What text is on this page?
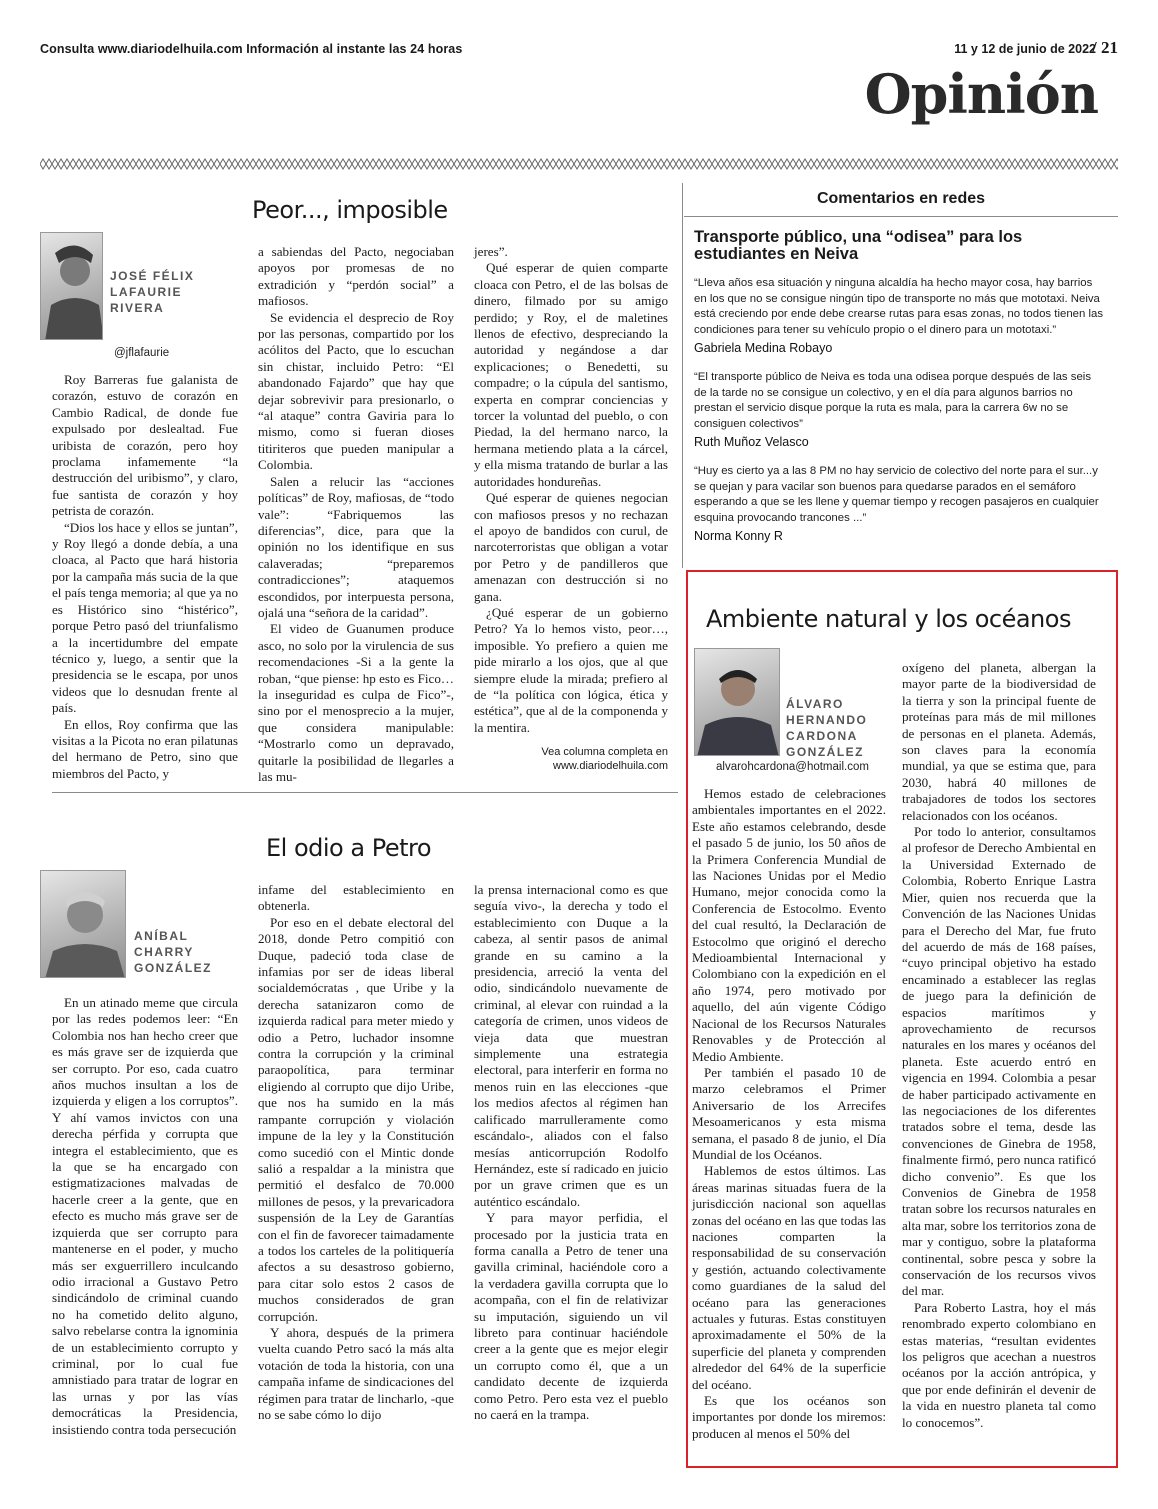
Consulta www.diariodelhuila.com Información al instante las 24 horas	11 y 12 de junio de 2022
/ 21
Opinión
Peor..., imposible
JOSÉ FÉLIX
LAFAURIE
RIVERA
@jflafaurie

Roy Barreras fue galanista de corazón, estuvo de corazón en Cambio Radical, de donde fue expulsado por deslealtad. Fue uribista de corazón, pero hoy proclama infamemente “la destrucción del uribismo”, y claro, fue santista de corazón y hoy petrista de corazón.

“Dios los hace y ellos se juntan”, y Roy llegó a donde debía, a una cloaca, al Pacto que hará historia por la campaña más sucia de la que el país tenga memoria; al que ya no es Histórico sino “histérico”, porque Petro pasó del triunfalismo a la incertidumbre del empate técnico y, luego, a sentir que la presidencia se le escapa, por unos videos que lo desnudan frente al país.

En ellos, Roy confirma que las visitas a la Picota no eran pilatunas del hermano de Petro, sino que miembros del Pacto, y

a sabiendas del Pacto, negociaban apoyos por promesas de no extradición y “perdón social” a mafiosos.

Se evidencia el desprecio de Roy por las personas, compartido por los acólitos del Pacto, que lo escuchan sin chistar, incluido Petro: “El abandonado Fajardo” que hay que dejar sobrevivir para presionarlo, o “al ataque” contra Gaviria para lo mismo, como si fueran dioses titiriteros que pueden manipular a Colombia.

Salen a relucir las “acciones políticas” de Roy, mafiosas, de “todo vale”: “Fabriquemos las diferencias”, dice, para que la opinión no los identifique en sus calaveradas; “preparemos contradicciones”; ataquemos escondidos, por interpuesta persona, ojalá una “señora de la caridad”.

El video de Guanumen produce asco, no solo por la virulencia de sus recomendaciones -Si a la gente la roban, “que piense: hp esto es Fico… la inseguridad es culpa de Fico”-, sino por el menosprecio a la mujer, que considera manipulable: “Mostrarlo como un depravado, quitarle la posibilidad de llegarles a las mu-

jeres”.

Qué esperar de quien comparte cloaca con Petro, el de las bolsas de dinero, filmado por su amigo perdido; y Roy, el de maletines llenos de efectivo, despreciando la autoridad y negándose a dar explicaciones; o Benedetti, su compadre; o la cúpula del santismo, experta en comprar conciencias y torcer la voluntad del pueblo, o con Piedad, la del hermano narco, la hermana metiendo plata a la cárcel, y ella misma tratando de burlar a las autoridades hondureñas.

Qué esperar de quienes negocian con mafiosos presos y no rechazan el apoyo de bandidos con curul, de narcoterroristas que obligan a votar por Petro y de pandilleros que amenazan con destrucción si no gana.

¿Qué esperar de un gobierno Petro? Ya lo hemos visto, peor…, imposible. Yo prefiero a quien me pide mirarlo a los ojos, que al que siempre elude la mirada; prefiero al de “la política con lógica, ética y estética”, que al de la componenda y la mentira.

Vea columna completa en
www.diariodelhuila.com
Comentarios en redes
Transporte público, una “odisea” para los estudiantes en Neiva
“Lleva años esa situación y ninguna alcaldía ha hecho mayor cosa, hay barrios en los que no se consigue ningún tipo de transporte no más que mototaxi. Neiva está creciendo por ende debe crearse rutas para esas zonas, no todos tienen las condiciones para tener su vehículo propio o el dinero para un mototaxi.”
Gabriela Medina Robayo
“El transporte público de Neiva es toda una odisea porque después de las seis de la tarde no se consigue un colectivo, y en el día para algunos barrios no prestan el servicio disque porque la ruta es mala, para la carrera 6w no se consiguen colectivos”
Ruth Muñoz Velasco
“Huy es cierto ya a las 8 PM no hay servicio de colectivo del norte para el sur...y se quejan y para vacilar son buenos para quedarse parados en el semáforo esperando a que se les llene y quemar tiempo y recogen pasajeros en cualquier esquina provocando trancones ...”
Norma Konny R
El odio a Petro
ANÍBAL
CHARRY
GONZÁLEZ

En un atinado meme que circula por las redes podemos leer: “En Colombia nos han hecho creer que es más grave ser de izquierda que ser corrupto. Por eso, cada cuatro años muchos insultan a los de izquierda y eligen a los corruptos”. Y ahí vamos invictos con una derecha pérfida y corrupta que integra el establecimiento, que es la que se ha encargado con estigmatizaciones malvadas de hacerle creer a la gente, que en efecto es mucho más grave ser de izquierda que ser corrupto para mantenerse en el poder, y mucho más ser exguerrillero inculcando odio irracional a Gustavo Petro sindicándolo de criminal cuando no ha cometido delito alguno, salvo rebelarse contra la ignominia de un establecimiento corrupto y criminal, por lo cual fue amnistiado para tratar de lograr en las urnas y por las vías democráticas la Presidencia, insistiendo contra toda persecución

infame del establecimiento en obtenerla.

Por eso en el debate electoral del 2018, donde Petro compitió con Duque, padeció toda clase de infamias por ser de ideas liberal socialdemócratas , que Uribe y la derecha satanizaron como de izquierda radical para meter miedo y odio a Petro, luchador insomne contra la corrupción y la criminal paraopolítica, para terminar eligiendo al corrupto que dijo Uribe, que nos ha sumido en la más rampante corrupción y violación impune de la ley y la Constitución como sucedió con el Mintic donde salió a respaldar a la ministra que permitió el desfalco de 70.000 millones de pesos, y la prevaricadora suspensión de la Ley de Garantías con el fin de favorecer taimadamente a todos los carteles de la politiquería afectos a su desastroso gobierno, para citar solo estos 2 casos de muchos considerados de gran corrupción.

Y ahora, después de la primera vuelta cuando Petro sacó la más alta votación de toda la historia, con una campaña infame de sindicaciones del régimen para tratar de lincharlo, -que no se sabe cómo lo dijo

la prensa internacional como es que seguía vivo-, la derecha y todo el establecimiento con Duque a la cabeza, al sentir pasos de animal grande en su camino a la presidencia, arreció la venta del odio, sindicándolo nuevamente de criminal, al elevar con ruindad a la categoría de crimen, unos videos de vieja data que muestran simplemente una estrategia electoral, para interferir en forma no menos ruin en las elecciones -que los medios afectos al régimen han calificado marrulleramente como escándalo-, aliados con el falso mesías anticorrupción Rodolfo Hernández, este sí radicado en juicio por un grave crimen que es un auténtico escándalo.

Y para mayor perfidia, el procesado por la justicia trata en forma canalla a Petro de tener una gavilla criminal, haciéndole coro a la verdadera gavilla corrupta que lo acompaña, con el fin de relativizar su imputación, siguiendo un vil libreto para continuar haciéndole creer a la gente que es mejor elegir un corrupto como él, que a un candidato decente de izquierda como Petro. Pero esta vez el pueblo no caerá en la trampa.

Ambiente natural y los océanos
ÁLVARO
HERNANDO
CARDONA
GONZÁLEZ
alvarohcardona@hotmail.com

Hemos estado de celebraciones ambientales importantes en el 2022. Este año estamos celebrando, desde el pasado 5 de junio, los 50 años de la Primera Conferencia Mundial de las Naciones Unidas por el Medio Humano, mejor conocida como la Conferencia de Estocolmo. Evento del cual resultó, la Declaración de Estocolmo que originó el derecho Medioambiental Internacional y Colombiano con la expedición en el año 1974, pero motivado por aquello, del aún vigente Código Nacional de los Recursos Naturales Renovables y de Protección al Medio Ambiente.

Per también el pasado 10 de marzo celebramos el Primer Aniversario de los Arrecifes Mesoamericanos y esta misma semana, el pasado 8 de junio, el Día Mundial de los Océanos.

Hablemos de estos últimos. Las áreas marinas situadas fuera de la jurisdicción nacional son aquellas zonas del océano en las que todas las naciones comparten la responsabilidad de su conservación y gestión, actuando colectivamente como guardianes de la salud del océano para las generaciones actuales y futuras. Estas constituyen aproximadamente el 50% de la superficie del planeta y comprenden alrededor del 64% de la superficie del océano.

Es que los océanos son importantes por donde los miremos: producen al menos el 50% del

oxígeno del planeta, albergan la mayor parte de la biodiversidad de la tierra y son la principal fuente de proteínas para más de mil millones de personas en el planeta. Además, son claves para la economía mundial, ya que se estima que, para 2030, habrá 40 millones de trabajadores de todos los sectores relacionados con los océanos.

Por todo lo anterior, consultamos al profesor de Derecho Ambiental en la Universidad Externado de Colombia, Roberto Enrique Lastra Mier, quien nos recuerda que la Convención de las Naciones Unidas para el Derecho del Mar, fue fruto del acuerdo de más de 168 países, “cuyo principal objetivo ha estado encaminado a establecer las reglas de juego para la definición de espacios marítimos y aprovechamiento de recursos naturales en los mares y océanos del planeta. Este acuerdo entró en vigencia en 1994. Colombia a pesar de haber participado activamente en las negociaciones de los diferentes tratados sobre el tema, desde las convenciones de Ginebra de 1958, finalmente firmó, pero nunca ratificó dicho convenio”. Es que los Convenios de Ginebra de 1958 tratan sobre los recursos naturales en alta mar, sobre los territorios zona de mar y contiguo, sobre la plataforma continental, sobre pesca y sobre la conservación de los recursos vivos del mar.

Para Roberto Lastra, hoy el más renombrado experto colombiano en estas materias, “resultan evidentes los peligros que acechan a nuestros océanos por la acción antrópica, y que por ende definirán el devenir de la vida en nuestro planeta tal como lo conocemos”.
